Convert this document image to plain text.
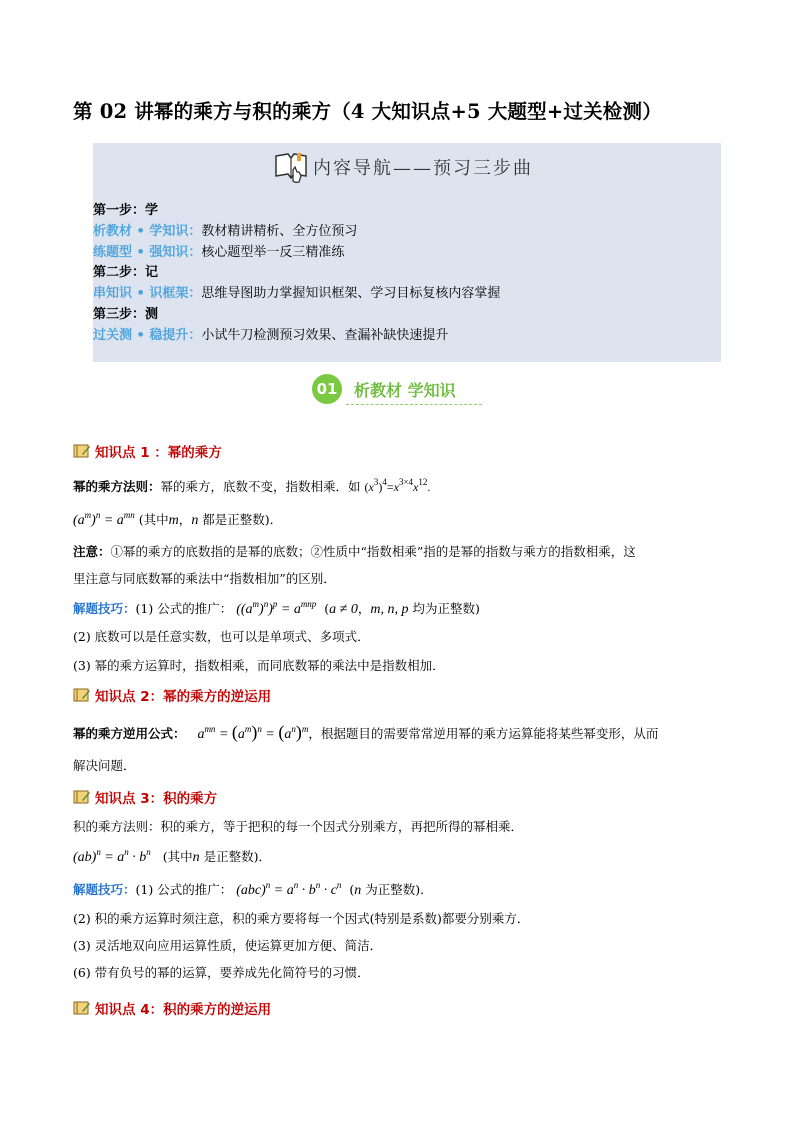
第 02 讲幂的乘方与积的乘方（4 大知识点+5 大题型+过关检测）
内容导航——预习三步曲
第一步：学
析教材 • 学知识：教材精讲精析、全方位预习
练题型 • 强知识：核心题型举一反三精准练
第二步：记
串知识 • 识框架：思维导图助力掌握知识框架、学习目标复核内容掌握
第三步：测
过关测 • 稳提升：小试牛刀检测预习效果、查漏补缺快速提升
01 析教材 学知识
知识点 1 ：幂的乘方
幂的乘方法则：幂的乘方，底数不变，指数相乘．如 $(x^3)^4=x^{3\times 4}x^{12}$.
$(a^m)^n = a^{mn}$ (其中m，n 都是正整数)．
注意：①幂的乘方的底数指的是幂的底数；②性质中“指数相乘”指的是幂的指数与乘方的指数相乘，这
里注意与同底数幂的乘法中“指数相加”的区别．
解题技巧：(1) 公式的推广： $((a^m)^n)^p = a^{mnp}$  (a ≠ 0，m, n, p 均为正整数)
(2) 底数可以是任意实数，也可以是单项式、多项式．
(3) 幂的乘方运算时，指数相乘，而同底数幂的乘法中是指数相加．
知识点 2：幂的乘方的逆运用
幂的乘方逆用公式： $a^{mn} = (a^m)^n = (a^n)^m$，根据题目的需要常常逆用幂的乘方运算能将某些幂变形，从而
解决问题．
知识点 3：积的乘方
积的乘方法则：积的乘方，等于把积的每一个因式分别乘方，再把所得的幂相乘．
$(ab)^n = a^n \cdot b^n$ (其中n 是正整数)．
解题技巧：(1) 公式的推广： $(abc)^n = a^n \cdot b^n \cdot c^n$  (n 为正整数)．
(2) 积的乘方运算时须注意，积的乘方要将每一个因式(特别是系数)都要分别乘方．
(3) 灵活地双向应用运算性质，使运算更加方便、简洁．
(6) 带有负号的幂的运算，要养成先化简符号的习惯．
知识点 4：积的乘方的逆运用
